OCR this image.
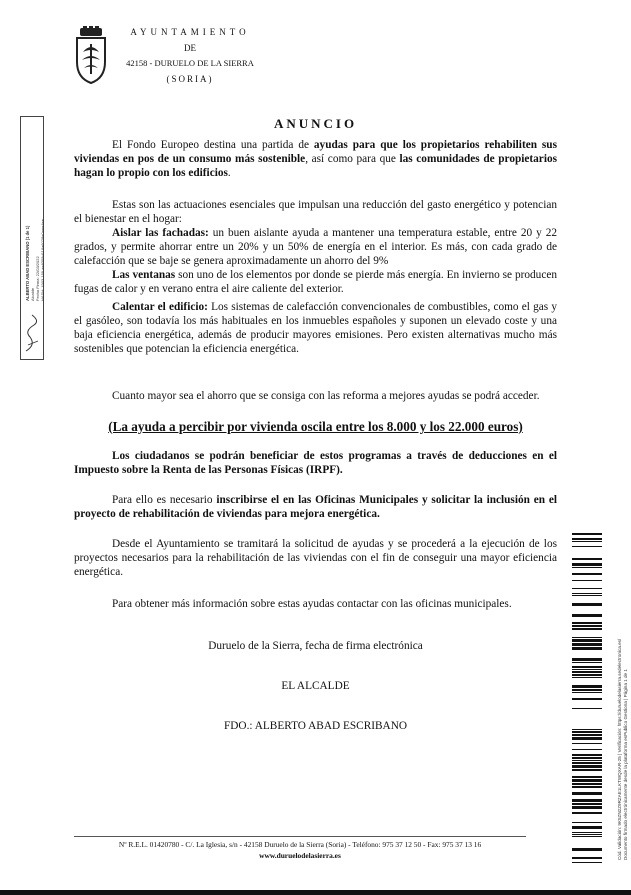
AYUNTAMIENTO
DE
42158 - DURUELO DE LA SIERRA
(SORIA)
ALBERTO ABAD ESCRIBANO (1 de 1) Alcalde Fecha Firma: 22/03/2022 HASH: 1903 159 ae8358d118a6028e0aee4ee
ANUNCIO
El Fondo Europeo destina una partida de ayudas para que los propietarios rehabiliten sus viviendas en pos de un consumo más sostenible, así como para que las comunidades de propietarios hagan lo propio con los edificios.
Estas son las actuaciones esenciales que impulsan una reducción del gasto energético y potencian el bienestar en el hogar:
Aislar las fachadas: un buen aislante ayuda a mantener una temperatura estable, entre 20 y 22 grados, y permite ahorrar entre un 20% y un 50% de energía en el interior. Es más, con cada grado de calefacción que se baje se genera aproximadamente un ahorro del 9%
Las ventanas son uno de los elementos por donde se pierde más energía. En invierno se producen fugas de calor y en verano entra el aire caliente del exterior.
Calentar el edificio: Los sistemas de calefacción convencionales de combustibles, como el gas y el gasóleo, son todavía los más habituales en los inmuebles españoles y suponen un elevado coste y una baja eficiencia energética, además de producir mayores emisiones. Pero existen alternativas mucho más sostenibles que potencian la eficiencia energética.
Cuanto mayor sea el ahorro que se consiga con las reforma a mejores ayudas se podrá acceder.
(La ayuda a percibir por vivienda oscila entre los 8.000 y los 22.000 euros)
Los ciudadanos se podrán beneficiar de estos programas a través de deducciones en el Impuesto sobre la Renta de las Personas Físicas (IRPF).
Para ello es necesario inscribirse el en las Oficinas Municipales y solicitar la inclusión en el proyecto de rehabilitación de viviendas para mejora energética.
Desde el Ayuntamiento se tramitará la solicitud de ayudas y se procederá a la ejecución de los proyectos necesarios para la rehabilitación de las viviendas con el fin de conseguir una mayor eficiencia energética.
Para obtener más información sobre estas ayudas contactar con las oficinas municipales.
Duruelo de la Sierra, fecha de firma electrónica
EL ALCALDE
FDO.: ALBERTO ABAD ESCRIBANO	Cód. Validación: 9K5ZN2Z9RZAE1LKTWQXAR-25 | Verificación: https://duruelodelasierra.sedelectronica.es/ Documento firmado electrónicamente desde la plataforma esPublico Gestiona | Página 1 de 1
Nº R.E.L. 01420780 - C/. La Iglesia, s/n - 42158 Duruelo de la Sierra (Soria) - Teléfono: 975 37 12 50 - Fax: 975 37 13 16
www.duruelodelasierra.es
